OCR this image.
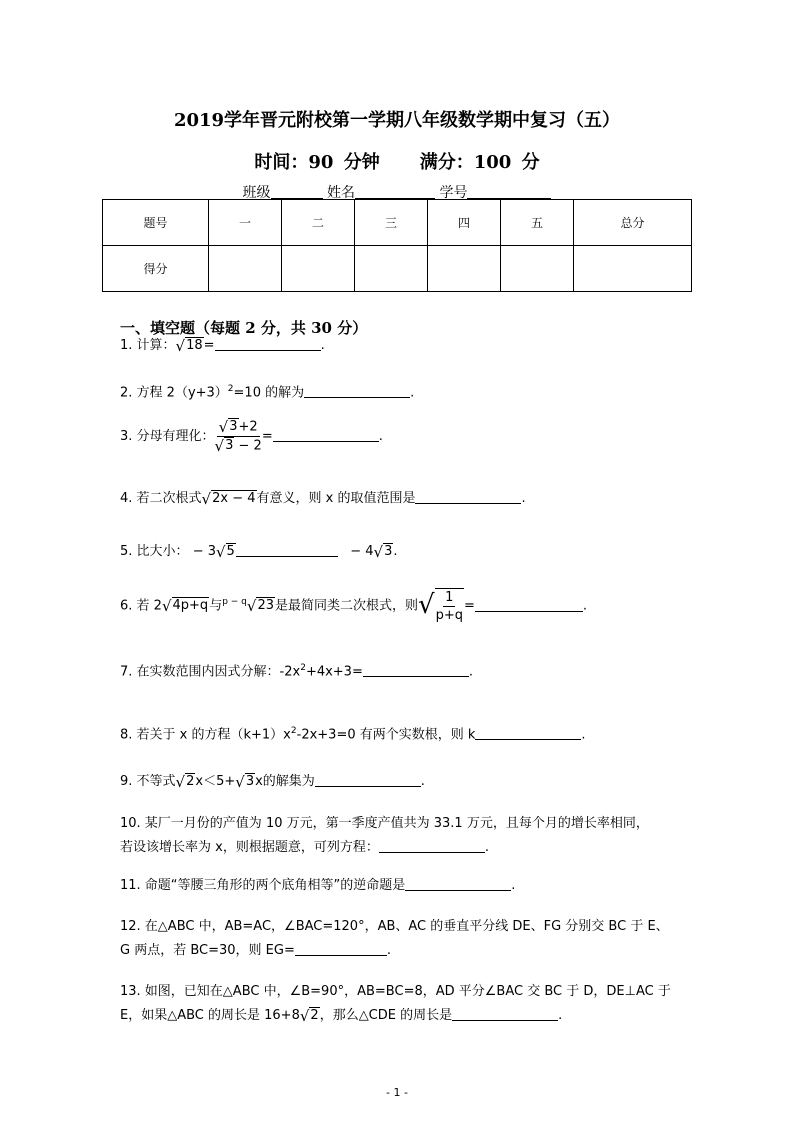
2019学年晋元附校第一学期八年级数学期中复习（五）
时间：90 分钟 满分：100 分
班级	姓名	学号
题号	一	二	三	四	五	总分
得分						
一、填空题（每题 2 分，共 30 分）
1. 计算： √ 18 =	.
2. 方程 $2(y+3)^2=10$ 的解为	.
3. 分母有理化： $\frac{√ 3 +2}{√ 3 - 2}$ =	.
4. 若二次根式 √ 2x − 4 有意义，则 x 的取值范围是	.
5. 比大小： − 3 √ 5	− 4 √ 3 .
6. 若 2 √ 4p+q 与$^{p - q}$ √ 23 是最简同类二次根式，则 √ $\frac{1}{p+q}$ =	.
7. 在实数范围内因式分解：$-2x^2+4x+3=$	.
8. 若关于 x 的方程$(k+1)x^2-2x+3=0$ 有两个实数根，则 k	.
9. 不等式 √ 2 x＜5+ √ 3 x的解集为	.
10. 某厂一月份的产值为 10 万元，第一季度产值共为 33.1 万元，且每个月的增长率相同，
若设该增长率为 x，则根据题意，可列方程：	.
11. 命题“等腰三角形的两个底角相等”的逆命题是	.
12. 在△ABC 中，AB=AC，∠BAC=120°，AB、AC 的垂直平分线 DE、FG 分别交 BC 于 E、
G 两点，若 BC=30，则 EG=	.
13. 如图，已知在△ABC 中，∠B=90°，AB=BC=8，AD 平分∠BAC 交 BC 于 D，DE⊥AC 于
E，如果△ABC 的周长是 16+8 √ 2 ，那么△CDE 的周长是	.
- 1 -
